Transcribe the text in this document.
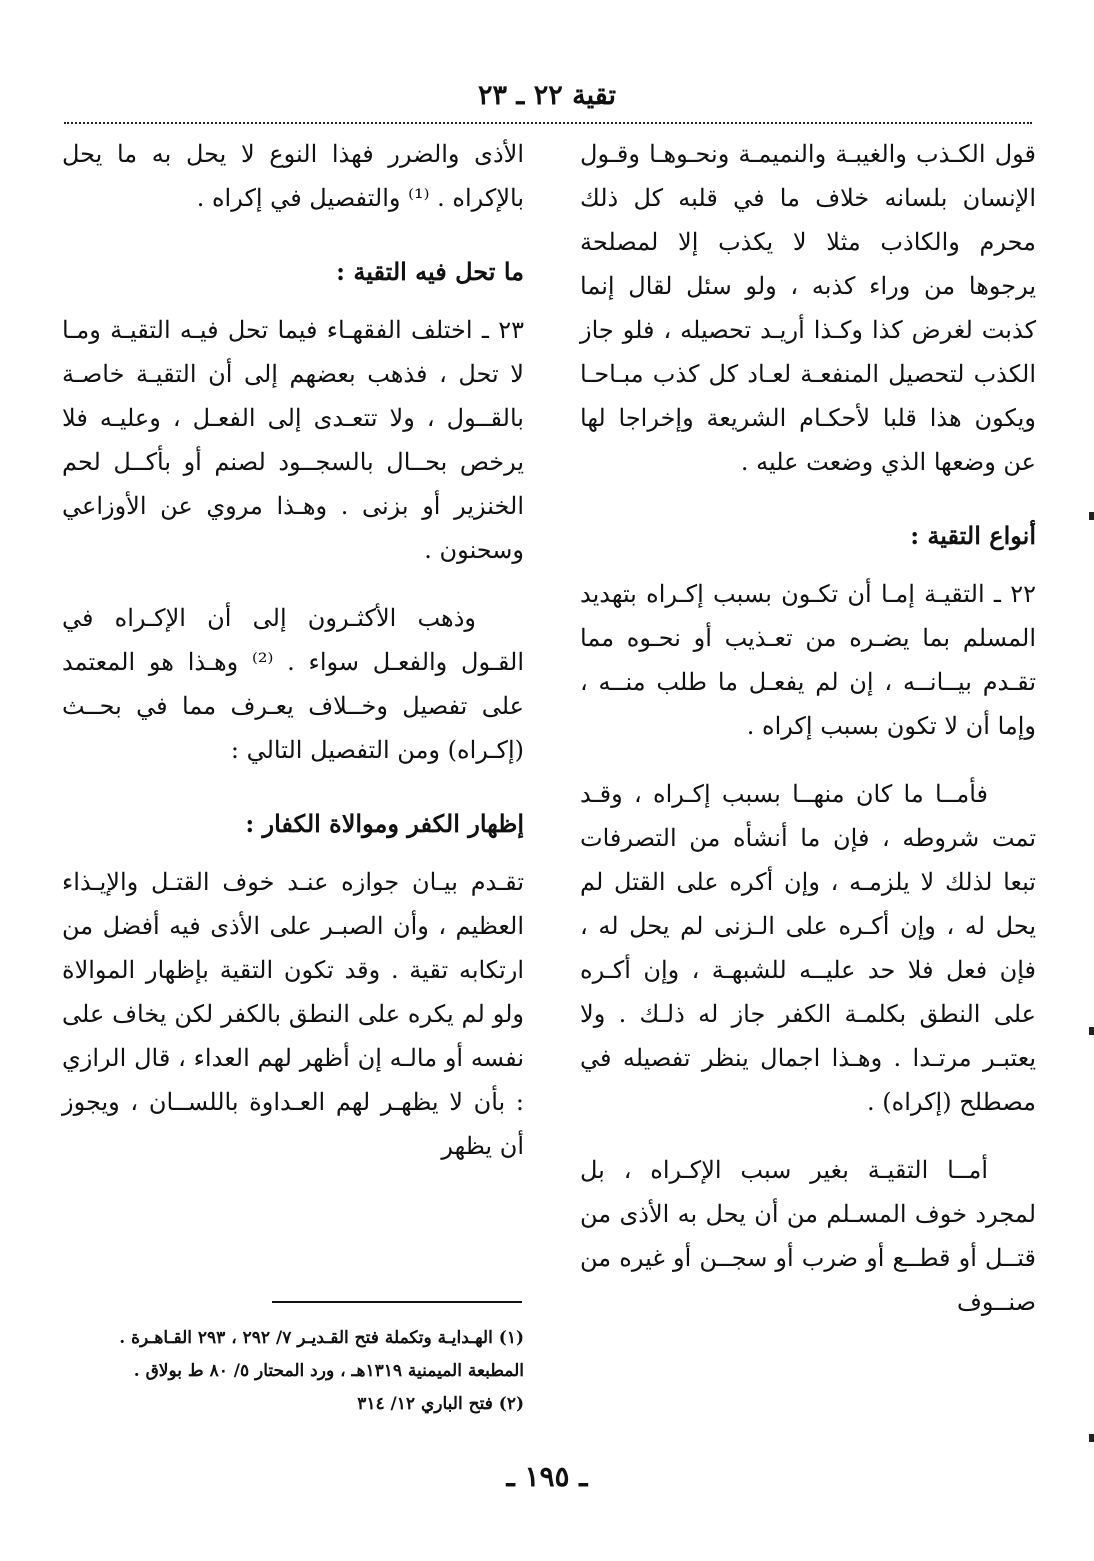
تقية ٢٢ ـ ٢٣

قول الكـذب والغيبـة والنميمـة ونحـوهـا وقـول الإنسان بلسانه خلاف ما في قلبه كل ذلك محرم والكاذب مثلا لا يكذب إلا لمصلحة يرجوها من وراء كذبه ، ولو سئل لقال إنما كذبت لغرض كذا وكـذا أريـد تحصيله ، فلو جاز الكذب لتحصيل المنفعـة لعـاد كل كذب مبـاحـا ويكون هذا قلبا لأحكـام الشريعة وإخراجا لها عن وضعها الذي وضعت عليه .

أنواع التقية :

٢٢ ـ التقيـة إمـا أن تكـون بسبب إكـراه بتهديد المسلم بما يضـره من تعـذيب أو نحـوه مما تقـدم بيــانــه ، إن لم يفعـل ما طلب منــه ، وإما أن لا تكون بسبب إكراه .

فأمــا ما كان منهــا بسبب إكـراه ، وقـد تمت شروطه ، فإن ما أنشأه من التصرفات تبعا لذلك لا يلزمـه ، وإن أكره على القتل لم يحل له ، وإن أكـره على الـزنى لم يحل له ، فإن فعل فلا حد عليــه للشبهـة ، وإن أكـره على النطق بكلمـة الكفر جاز له ذلـك . ولا يعتبـر مرتـدا . وهـذا اجمال ينظر تفصيله في مصطلح (إكراه) .

أمــا التقيـة بغير سبب الإكـراه ، بل لمجرد خوف المسـلم من أن يحل به الأذى من قتــل أو قطــع أو ضرب أو سجــن أو غيره من صنــوف

الأذى والضرر فهذا النوع لا يحل به ما يحل بالإكراه . ⁽¹⁾ والتفصيل في إكراه .

ما تحل فيه التقية :

٢٣ ـ اختلف الفقهـاء فيما تحل فيـه التقيـة ومـا لا تحل ، فذهب بعضهم إلى أن التقيـة خاصـة بالقــول ، ولا تتعـدى إلى الفعـل ، وعليـه فلا يرخص بحــال بالسجــود لصنم أو بأكــل لحم الخنزير أو بزنى . وهـذا مروي عن الأوزاعي وسحنون .

وذهب الأكثـرون إلى أن الإكـراه في القـول والفعـل سواء . ⁽²⁾ وهـذا هو المعتمد على تفصيل وخــلاف يعـرف مما في بحــث (إكـراه) ومن التفصيل التالي :

إظهار الكفر وموالاة الكفار :

تقـدم بيـان جوازه عنـد خوف القتـل والإيـذاء العظيم ، وأن الصبـر على الأذى فيه أفضل من ارتكابه تقية . وقد تكون التقية بإظهار الموالاة ولو لم يكره على النطق بالكفر لكن يخاف على نفسه أو مالـه إن أظهر لهم العداء ، قال الرازي : بأن لا يظهـر لهم العـداوة باللســان ، ويجوز أن يظهر

(١) الهـدايـة وتكملة فتح القـديـر ٧/ ٢٩٢ ، ٢٩٣ القـاهـرة .
المطبعة الميمنية ١٣١٩هـ ، ورد المحتار ٥/ ٨٠ ط بولاق .
(٢) فتح الباري ١٢/ ٣١٤
ـ ١٩٥ ـ
